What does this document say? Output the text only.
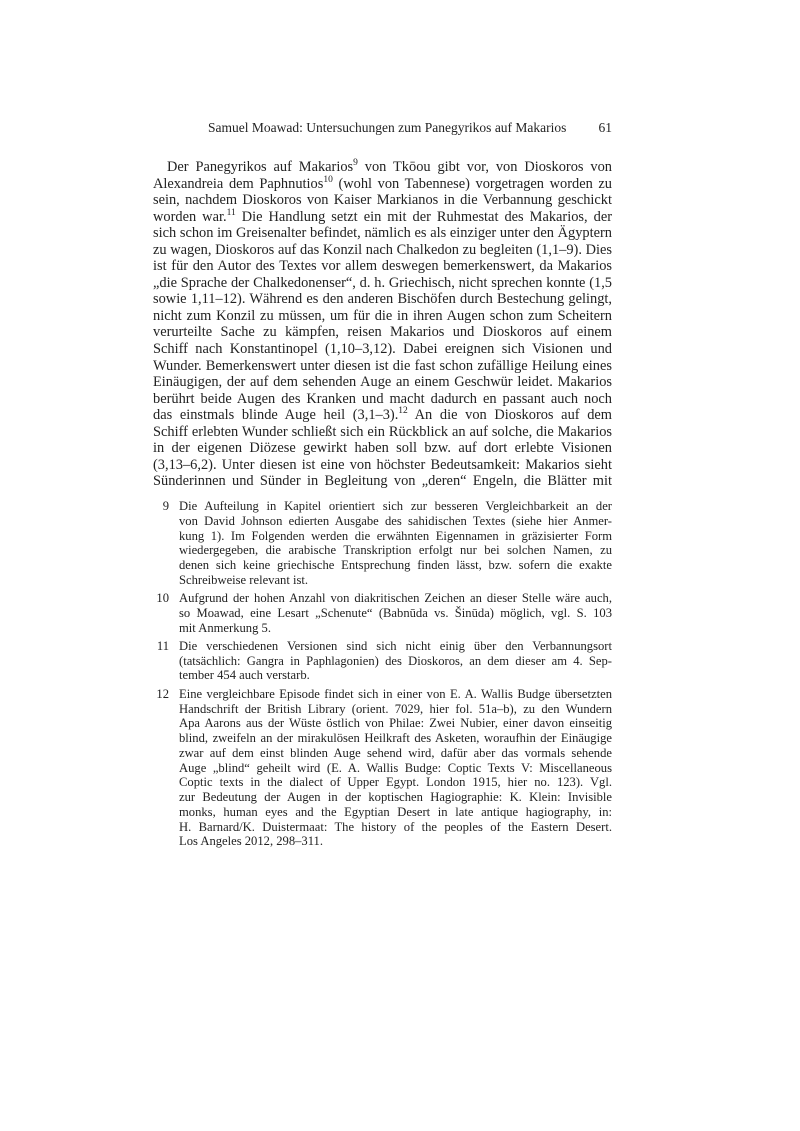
Samuel Moawad: Untersuchungen zum Panegyrikos auf Makarios 61
Der Panegyrikos auf Makarios$^9$ von Tkōou gibt vor, von Dioskoros von
Alexandreia dem Paphnutios$^{10}$ (wohl von Tabennese) vorgetragen worden zu
sein, nachdem Dioskoros von Kaiser Markianos in die Verbannung geschickt
worden war.$^{11}$ Die Handlung setzt ein mit der Ruhmestat des Makarios, der
sich schon im Greisenalter befindet, nämlich es als einziger unter den Ägyptern
zu wagen, Dioskoros auf das Konzil nach Chalkedon zu begleiten (1,1–9). Dies
ist für den Autor des Textes vor allem deswegen bemerkenswert, da Makarios
„die Sprache der Chalkedonenser“, d. h. Griechisch, nicht sprechen konnte (1,5
sowie 1,11–12). Während es den anderen Bischöfen durch Bestechung gelingt,
nicht zum Konzil zu müssen, um für die in ihren Augen schon zum Scheitern
verurteilte Sache zu kämpfen, reisen Makarios und Dioskoros auf einem
Schiff nach Konstantinopel (1,10–3,12). Dabei ereignen sich Visionen und
Wunder. Bemerkenswert unter diesen ist die fast schon zufällige Heilung eines
Einäugigen, der auf dem sehenden Auge an einem Geschwür leidet. Makarios
berührt beide Augen des Kranken und macht dadurch en passant auch noch
das einstmals blinde Auge heil (3,1–3).$^{12}$ An die von Dioskoros auf dem
Schiff erlebten Wunder schließt sich ein Rückblick an auf solche, die Makarios
in der eigenen Diözese gewirkt haben soll bzw. auf dort erlebte Visionen
(3,13–6,2). Unter diesen ist eine von höchster Bedeutsamkeit: Makarios sieht
Sünderinnen und Sünder in Begleitung von „deren“ Engeln, die Blätter mit
9 Die Aufteilung in Kapitel orientiert sich zur besseren Vergleichbarkeit an der
von David Johnson edierten Ausgabe des sahidischen Textes (siehe hier Anmer-
kung 1). Im Folgenden werden die erwähnten Eigennamen in gräzisierter Form
wiedergegeben, die arabische Transkription erfolgt nur bei solchen Namen, zu
denen sich keine griechische Entsprechung finden lässt, bzw. sofern die exakte
Schreibweise relevant ist.
10 Aufgrund der hohen Anzahl von diakritischen Zeichen an dieser Stelle wäre auch,
so Moawad, eine Lesart „Schenute“ (Babnūda vs. Šinūda) möglich, vgl. S. 103
mit Anmerkung 5.
11 Die verschiedenen Versionen sind sich nicht einig über den Verbannungsort
(tatsächlich: Gangra in Paphlagonien) des Dioskoros, an dem dieser am 4. Sep-
tember 454 auch verstarb.
12 Eine vergleichbare Episode findet sich in einer von E. A. Wallis Budge übersetzten
Handschrift der British Library (orient. 7029, hier fol. 51a–b), zu den Wundern
Apa Aarons aus der Wüste östlich von Philae: Zwei Nubier, einer davon einseitig
blind, zweifeln an der mirakulösen Heilkraft des Asketen, woraufhin der Einäugige
zwar auf dem einst blinden Auge sehend wird, dafür aber das vormals sehende
Auge „blind“ geheilt wird (E. A. Wallis Budge: Coptic Texts V: Miscellaneous
Coptic texts in the dialect of Upper Egypt. London 1915, hier no. 123). Vgl.
zur Bedeutung der Augen in der koptischen Hagiographie: K. Klein: Invisible
monks, human eyes and the Egyptian Desert in late antique hagiography, in:
H. Barnard/K. Duistermaat: The history of the peoples of the Eastern Desert.
Los Angeles 2012, 298–311.
